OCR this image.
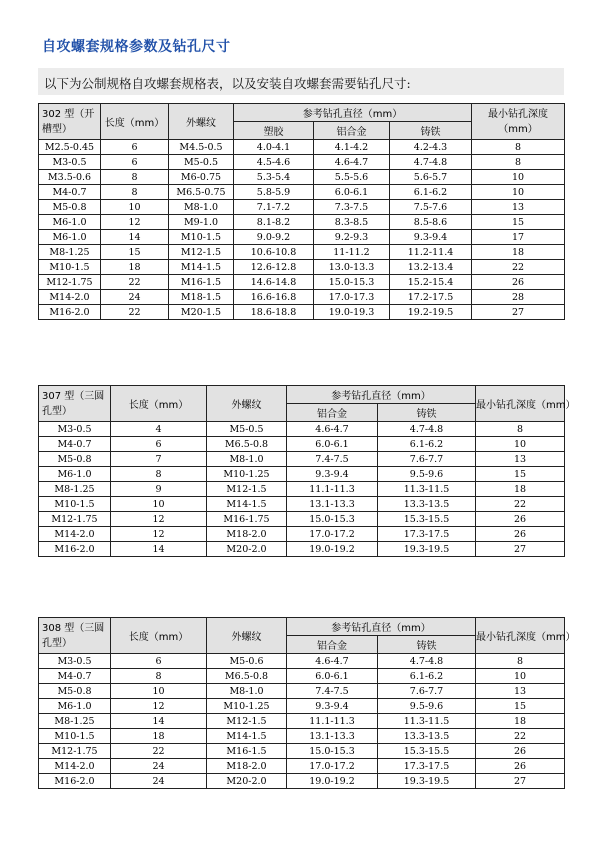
自攻螺套规格参数及钻孔尺寸
以下为公制规格自攻螺套规格表，以及安装自攻螺套需要钻孔尺寸:
302 型（开槽型）	长度（mm）	外螺纹	参考钻孔直径（mm）			最小钻孔深度（mm）
			塑胶	铝合金	铸铁	
M2.5-0.45	6	M4.5-0.5	4.0-4.1	4.1-4.2	4.2-4.3	8
M3-0.5	6	M5-0.5	4.5-4.6	4.6-4.7	4.7-4.8	8
M3.5-0.6	8	M6-0.75	5.3-5.4	5.5-5.6	5.6-5.7	10
M4-0.7	8	M6.5-0.75	5.8-5.9	6.0-6.1	6.1-6.2	10
M5-0.8	10	M8-1.0	7.1-7.2	7.3-7.5	7.5-7.6	13
M6-1.0	12	M9-1.0	8.1-8.2	8.3-8.5	8.5-8.6	15
M6-1.0	14	M10-1.5	9.0-9.2	9.2-9.3	9.3-9.4	17
M8-1.25	15	M12-1.5	10.6-10.8	11-11.2	11.2-11.4	18
M10-1.5	18	M14-1.5	12.6-12.8	13.0-13.3	13.2-13.4	22
M12-1.75	22	M16-1.5	14.6-14.8	15.0-15.3	15.2-15.4	26
M14-2.0	24	M18-1.5	16.6-16.8	17.0-17.3	17.2-17.5	28
M16-2.0	22	M20-1.5	18.6-18.8	19.0-19.3	19.2-19.5	27
307 型（三圆孔型）	长度（mm）	外螺纹	参考钻孔直径（mm）		最小钻孔深度（mm）
			铝合金	铸铁	
M3-0.5	4	M5-0.5	4.6-4.7	4.7-4.8	8
M4-0.7	6	M6.5-0.8	6.0-6.1	6.1-6.2	10
M5-0.8	7	M8-1.0	7.4-7.5	7.6-7.7	13
M6-1.0	8	M10-1.25	9.3-9.4	9.5-9.6	15
M8-1.25	9	M12-1.5	11.1-11.3	11.3-11.5	18
M10-1.5	10	M14-1.5	13.1-13.3	13.3-13.5	22
M12-1.75	12	M16-1.75	15.0-15.3	15.3-15.5	26
M14-2.0	12	M18-2.0	17.0-17.2	17.3-17.5	26
M16-2.0	14	M20-2.0	19.0-19.2	19.3-19.5	27
308 型（三圆孔型）	长度（mm）	外螺纹	参考钻孔直径（mm）		最小钻孔深度（mm）
			铝合金	铸铁	
M3-0.5	6	M5-0.6	4.6-4.7	4.7-4.8	8
M4-0.7	8	M6.5-0.8	6.0-6.1	6.1-6.2	10
M5-0.8	10	M8-1.0	7.4-7.5	7.6-7.7	13
M6-1.0	12	M10-1.25	9.3-9.4	9.5-9.6	15
M8-1.25	14	M12-1.5	11.1-11.3	11.3-11.5	18
M10-1.5	18	M14-1.5	13.1-13.3	13.3-13.5	22
M12-1.75	22	M16-1.5	15.0-15.3	15.3-15.5	26
M14-2.0	24	M18-2.0	17.0-17.2	17.3-17.5	26
M16-2.0	24	M20-2.0	19.0-19.2	19.3-19.5	27
